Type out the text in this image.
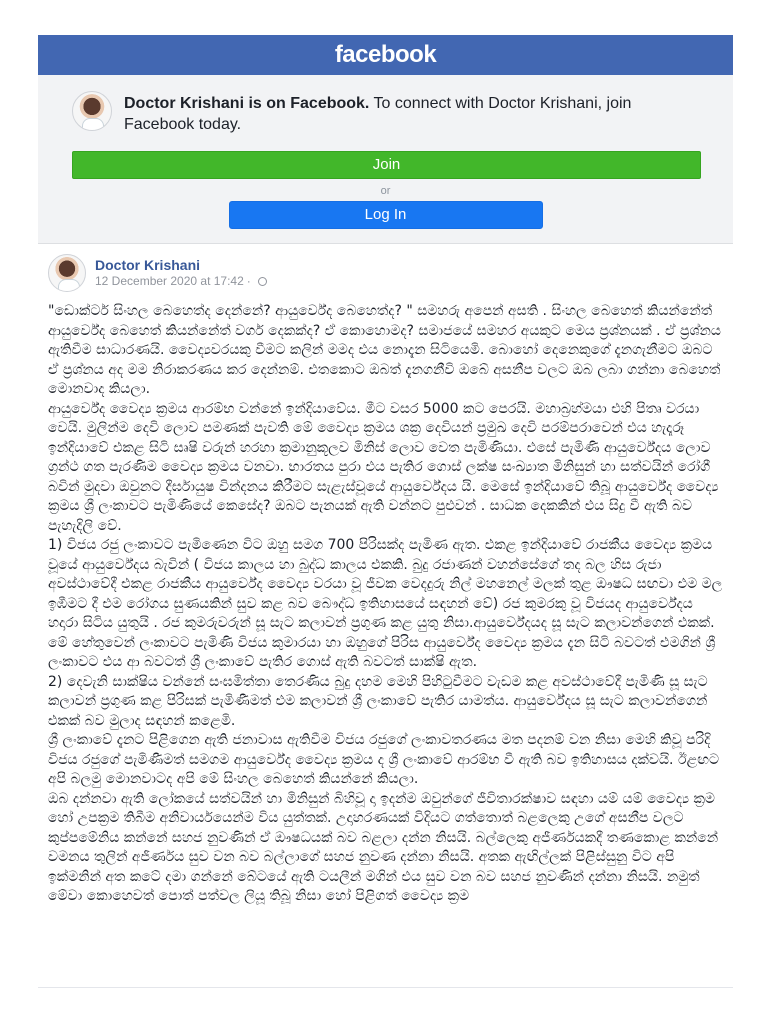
facebook
Doctor Krishani is on Facebook. To connect with Doctor Krishani, join Facebook today.
Join
or
Log In
Doctor Krishani
12 December 2020 at 17:42 ·

"ඩොක්ටර් සිංහල බෙහෙත්ද දෙන්නේ? ආයුර්වේද බෙහෙත්ද? " සමහරු අපෙන් අසති . සිංහල බෙහෙත් කියන්නේත් ආයුර්වේද බෙහෙත් කියන්නේත් වර්ග දෙකක්ද? ඒ කොහොමද? සමාජයේ සමහර අයකුට මෙය ප්‍රශ්නයක් . ඒ ප්‍රශ්නය ඇතිවීම සාධාරණයි. වෛද්‍යවරයකු වීමට කලින් මමද එය නොදැන සිටියෙමි. බොහෝ දෙනෙකුගේ දැනගැනීමට ඔබට ඒ ප්‍රශ්නය අද මම නිරාකරණය කර දෙන්නම්. එතකොට ඔබත් දැනගනීවි ඔබේ අසනීප වලට ඔබ ලබා ගන්නා බෙහෙත් මොනවාද කියලා.

ආයුර්වේද වෛද්‍ය ක්‍රමය ආරම්භ වන්නේ ඉන්දියාවේය. මීට වසර 5000 කට පෙරයි. මහාබ්‍රහ්මයා එහි පිතෘ වරයා වෙයි. මුලින්ම දෙවි ලොව පමණක් පැවති මේ වෛද්‍ය ක්‍රමය ශක්‍ර දෙවියන් ප්‍රමුඛ දෙවි පරම්පරාවෙන් එය හැදෑරූ ඉන්දියාවේ එකළ සිටි සෘෂි වරුන් හරහා ක්‍රමානුකූලව මිනිස් ලොව වෙත පැමිණියා. එසේ පැමිණි ආයුර්වේදය ලොව ග්‍රන්ථ ගත පැරණිම වෛද්‍ය ක්‍රමය වනවා. භාරතය පුරා එය පැතිර ගොස් ලක්ෂ සංඛ්‍යාත මිනිසුන් හා සත්වයින් රෝගී බවින් මුදවා ඔවුනට දීර්ඝායුෂ වින්දනය කිරීමට සැළැස්වූයේ ආයුර්වේදය යි. මෙසේ ඉන්දියාවේ තිබූ ආයුර්වේද වෛද්‍ය ක්‍රමය ශ්‍රී ලංකාවට පැමිණියේ කෙසේද? ඔබට පැනයක් ඇති වන්නට පුළුවන් . සාධක දෙකකින් එය සිදු වී ඇති බව පැහැදිලි වේ.

1) විජය රජු ලංකාවට පැමිණෙන විට ඔහු සමග 700 පිරිසක්ද පැමිණ ඇත. එකළ ඉන්දියාවේ රාජකීය වෛද්‍ය ක්‍රමය වූයේ ආයුර්වේදය බැවින් ( විජය කාලය හා බුද්ධ කාලය එකකි. බුදු රජාණන් වහන්සේගේ තද බල හිස රුජා අවස්ථාවේදී එකළ රාජකීය ආයුර්වේද වෛද්‍ය වරයා වූ ජීවක වෙදදුරු නිල් මහනෙල් මලක් තුළ ඖෂධ සඟවා එම මල ඉඹීමට දී එම රෝගය සුණයකින් සුව කළ බව බෞද්ධ ඉතිහාසයේ සඳහන් වේ) රජ කුමරකු වූ විජයද ආයුර්වේදය හදාරා සිටිය යුතුයි . රජ කුමරුවරුන් සූ සැට කලාවන් ප්‍රගුණ කළ යුතු නිසා.ආයුර්වේදයද සූ සැට කලාවන්ගෙන් එකක්. මේ හේතුවෙන් ලංකාවට පැමිණි විජය කුමාරයා හා ඔහුගේ පිරිස ආයුර්වේද වෛද්‍ය ක්‍රමය දැන සිටි බවටත් එමගින් ශ්‍රී ලංකාවට එය ආ බවටත් ශ්‍රී ලංකාවේ පැතිර ගොස් ඇති බවටත් සාක්ෂි ඇත.

2) දෙවැනි සාක්ෂිය වන්නේ සංඝමිත්තා තෙරණිය බුදු දහම මෙහි පිහිටුවීමට වැඩම කළ අවස්ථාවේදී පැමිණි සූ සැට කලාවන් ප්‍රගුණ කළ පිරිසක් පැමිණීමත් එම කලාවන් ශ්‍රී ලංකාවේ පැතිර යාමත්ය. ආයුර්වේදය සූ සැට කලාවන්ගෙන් එකක් බව මුලාද සඳහන් කළෙමි.

ශ්‍රී ලංකාවේ දැනට පිළිගෙන ඇති ජනාවාස ඇතිවීම විජය රජුගේ ලංකාවතරණය මත පදනම් වන නිසා මෙහි කිවූ පරිදි විජය රජුගේ පැමිණීමත් සමගම ආයුර්වේද වෛද්‍ය ක්‍රමය ද ශ්‍රී ලංකාවේ ආරම්භ වී ඇති බව ඉතිහාසය දක්වයි. ඊළඟට අපි බලමු මොනවාටද අපි මේ සිංහල බෙහෙත් කියන්නේ කියලා.

ඔබ දන්නවා ඇති ලෝකයේ සත්වයින් හා මිනිසුන් බිහිවූ දා ඉදන්ම ඔවුන්ගේ ජීවිතාරක්ෂාව සඳහා යම් යම් වෛද්‍ය ක්‍රම හෝ උපක්‍රම තිබීම අනිවාර්යයෙන්ම විය යුත්තක්. උදාහරණයක් විදියට ගත්තොත් බළලෙකු උගේ අසනීප වලට කුප්පමේනිය කන්නේ සහජ නුවණින් ඒ ඖෂධයක් බව බළලා දන්න නිසයි. බල්ලෙකු අජීර්ණයකදී තණකොළ කන්නේ වමනය තුලින් අජීර්ණය සුව වන බව බල්ලාගේ සහජ නුවණ දන්නා නිසයි. අතක ඇඟිල්ලක් පිළිස්සුනු විට අපි ඉක්මනින් අත කටේ දමා ගන්නේ බේටයේ ඇති ටයලීන් මගින් එය සුව වන බව සහජ නුවණින් දන්නා නිසයි. නමුත් මේවා කොහෙවත් පොත් පත්වල ලියූ තිබූ නිසා හෝ පිළිගත් වෛද්‍ය ක්‍රම
